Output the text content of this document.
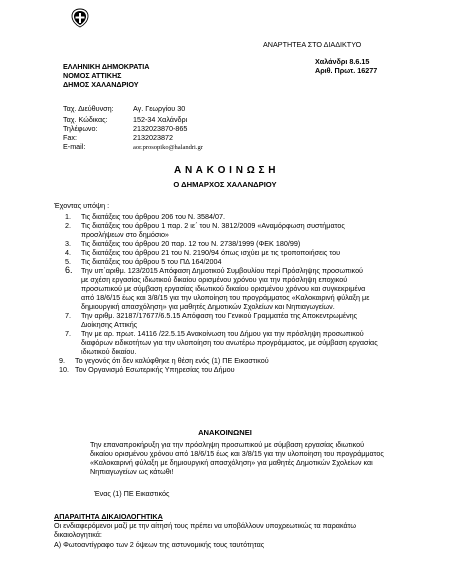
ΑΝΑΡΤΗΤΕΑ ΣΤΟ ΔΙΑΔΙΚΤΥΟ
Χαλάνδρι 8.6.15
Αριθ. Πρωτ. 16277
ΕΛΛΗΝΙΚΗ ΔΗΜΟΚΡΑΤΙΑ
ΝΟΜΟΣ ΑΤΤΙΚΗΣ
ΔΗΜΟΣ ΧΑΛΑΝΔΡΙΟΥ
Ταχ. Διεύθυνση:	Αγ. Γεωργίου 30
Ταχ. Κώδικας:	152-34 Χαλάνδρι
Τηλέφωνο:	2132023870-865
Fax:	2132023872
E-mail:	aor.prosopiko@halandri.gr
Α Ν Α Κ Ο Ι Ν Ω Σ Η
Ο ΔΗΜΑΡΧΟΣ ΧΑΛΑΝΔΡΙΟΥ
Έχοντας υπόψη :
1. Τις διατάξεις του άρθρου 206 του Ν. 3584/07.
2. Τις διατάξεις του άρθρου 1 παρ. 2 ιε΄ του Ν. 3812/2009 «Αναμόρφωση συστήματος
προσλήψεων στο δημόσιο»
3. Τις διατάξεις του άρθρου 20 παρ. 12 του Ν. 2738/1999 (ΦΕΚ 180/99)
4. Τις διατάξεις του άρθρου 21 του Ν. 2190/94 όπως ισχύει με τις τροποποιήσεις του
5. Τις διατάξεις του άρθρου 5 του ΠΔ 164/2004
6. Την υπ΄αριθμ. 123/2015 Απόφαση Δημοτικού Συμβουλίου περί Πρόσληψης προσωπικού
με σχέση εργασίας ιδιωτικού δικαίου ορισμένου χρόνου για την πρόσληψη εποχικού
προσωπικού με σύμβαση εργασίας ιδιωτικού δικαίου ορισμένου χρόνου και συγκεκριμένα
από 18/6/15 έως και 3/8/15 για την υλοποίηση του προγράμματος «Καλοκαιρινή φύλαξη με
δημιουργική απασχόληση» για μαθητές Δημοτικών Σχολείων και Νηπιαγωγείων.
7. Την αριθμ. 32187/17677/6.5.15 Απόφαση του Γενικού Γραμματέα της Αποκεντρωμένης
Διοίκησης Αττικής
7. Την με αρ. πρωτ. 14116 /22.5.15 Ανακοίνωση του Δήμου για την πρόσληψη προσωπικού
διαφόρων ειδικοτήτων για την υλοποίηση του ανωτέρω προγράμματος, με σύμβαση εργασίας
ιδιωτικού δικαίου.
9. Το γεγονός ότι δεν καλύφθηκε η θέση ενός (1) ΠΕ Εικαστικού
10. Τον Οργανισμό Εσωτερικής Υπηρεσίας του Δήμου
ΑΝΑΚΟΙΝΩΝΕΙ
Την επαναπροκήρυξη για την πρόσληψη προσωπικού με σύμβαση εργασίας ιδιωτικού
δικαίου ορισμένου χρόνου από 18/6/15 έως και 3/8/15 για την υλοποίηση του προγράμματος
«Καλοκαιρινή φύλαξη με δημιουργική απασχόληση» για μαθητές Δημοτικών Σχολείων και
Νηπιαγωγείων ως κάτωθι!
Ένας (1) ΠΕ Εικαστικός
ΑΠΑΡΑΙΤΗΤΑ ΔΙΚΑΙΟΛΟΓΗΤΙΚΑ
Οι ενδιαφερόμενοι μαζί με την αίτησή τους πρέπει να υποβάλλουν υποχρεωτικώς τα παρακάτω
δικαιολογητικά:
Α) Φωτοαντίγραφο των 2 όψεων της αστυνομικής τους ταυτότητας
